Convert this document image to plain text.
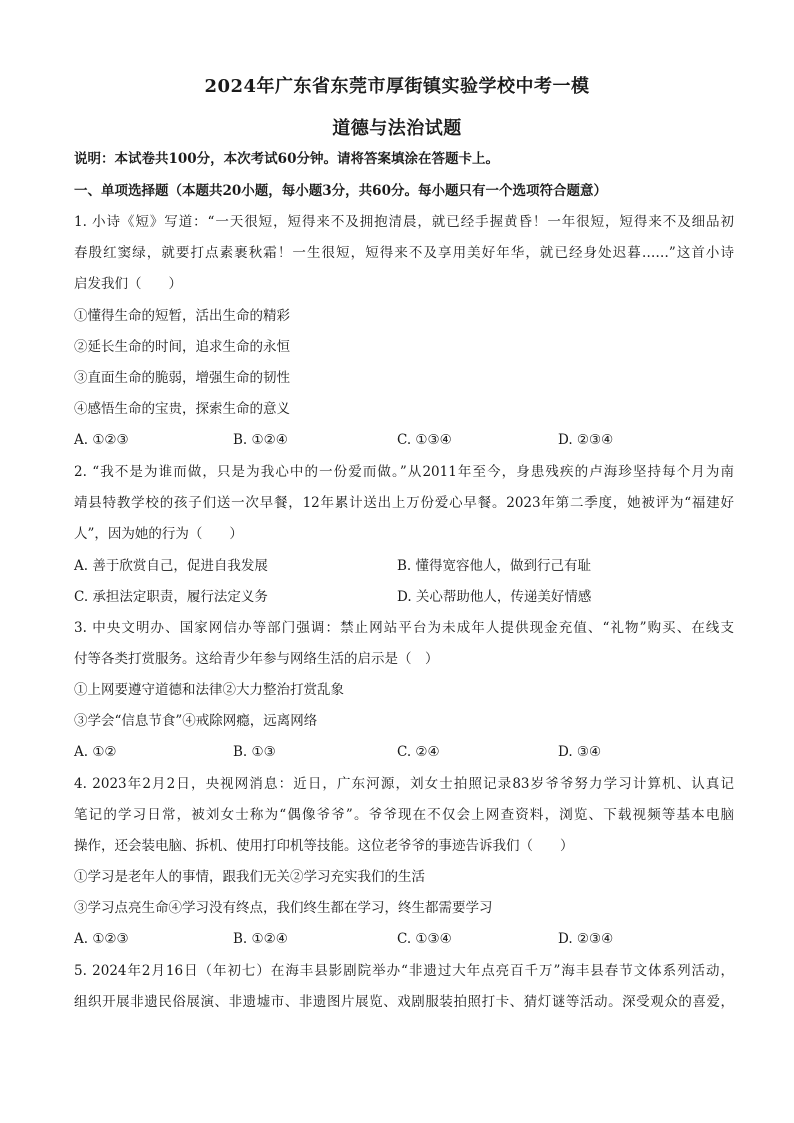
2024年广东省东莞市厚街镇实验学校中考一模
道德与法治试题
说明：本试卷共100分，本次考试60分钟。请将答案填涂在答题卡上。
一、单项选择题（本题共20小题，每小题3分，共60分。每小题只有一个选项符合题意）
1. 小诗《短》写道：“一天很短，短得来不及拥抱清晨，就已经手握黄昏！一年很短，短得来不及细品初
春殷红窦绿，就要打点素裹秋霜！一生很短，短得来不及享用美好年华，就已经身处迟暮……”这首小诗
启发我们（　　）
①懂得生命的短暂，活出生命的精彩
②延长生命的时间，追求生命的永恒
③直面生命的脆弱，增强生命的韧性
④感悟生命的宝贵，探索生命的意义
A. ①②③	B. ①②④	C. ①③④	D. ②③④
2. “我不是为谁而做，只是为我心中的一份爱而做。”从2011年至今，身患残疾的卢海珍坚持每个月为南
靖县特教学校的孩子们送一次早餐，12年累计送出上万份爱心早餐。2023年第二季度，她被评为“福建好
人”，因为她的行为（　　）
A. 善于欣赏自己，促进自我发展	B. 懂得宽容他人，做到行己有耻
C. 承担法定职责，履行法定义务	D. 关心帮助他人，传递美好情感
3. 中央文明办、国家网信办等部门强调：禁止网站平台为未成年人提供现金充值、“礼物”购买、在线支
付等各类打赏服务。这给青少年参与网络生活的启示是（　）
①上网要遵守道德和法律②大力整治打赏乱象
③学会“信息节食”④戒除网瘾，远离网络
A. ①②	B. ①③	C. ②④	D. ③④
4. 2023年2月2日，央视网消息：近日，广东河源，刘女士拍照记录83岁爷爷努力学习计算机、认真记
笔记的学习日常，被刘女士称为“偶像爷爷”。爷爷现在不仅会上网查资料，浏览、下载视频等基本电脑
操作，还会装电脑、拆机、使用打印机等技能。这位老爷爷的事迹告诉我们（　　）
①学习是老年人的事情，跟我们无关②学习充实我们的生活
③学习点亮生命④学习没有终点，我们终生都在学习，终生都需要学习
A. ①②③	B. ①②④	C. ①③④	D. ②③④
5. 2024年2月16日（年初七）在海丰县影剧院举办“非遗过大年点亮百千万”海丰县春节文体系列活动，
组织开展非遗民俗展演、非遗墟市、非遗图片展览、戏剧服装拍照打卡、猜灯谜等活动。深受观众的喜爱，
